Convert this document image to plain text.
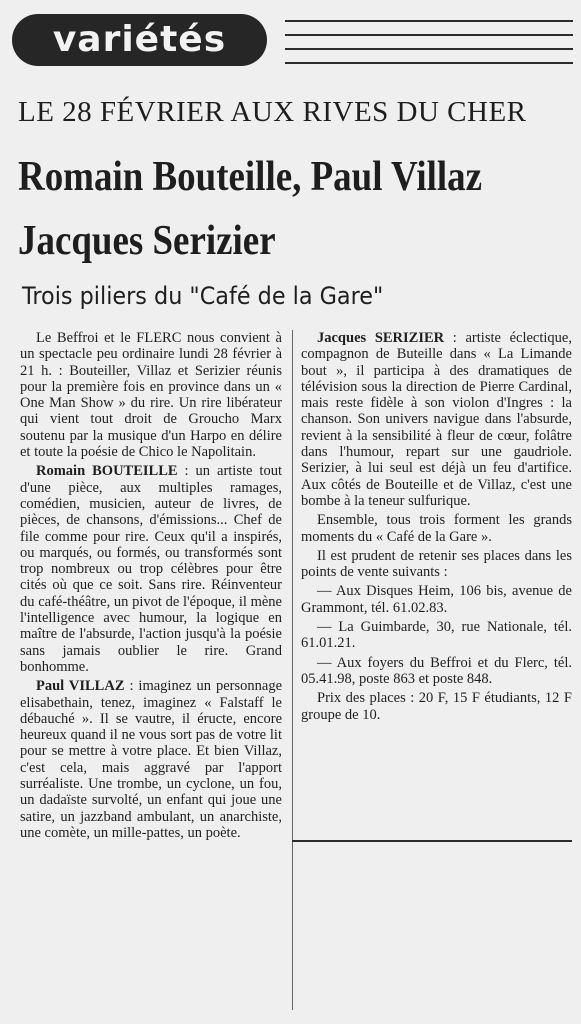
variétés
LE 28 FÉVRIER AUX RIVES DU CHER
Romain Bouteille, Paul Villaz
Jacques Serizier
Trois piliers du "Café de la Gare"

Le Beffroi et le FLERC nous convient à un spectacle peu ordinaire lundi 28 février à 21 h. : Bouteiller, Villaz et Serizier réunis pour la première fois en province dans un « One Man Show » du rire. Un rire libérateur qui vient tout droit de Groucho Marx soutenu par la musique d'un Harpo en délire et toute la poésie de Chico le Napolitain.

Romain BOUTEILLE : un artiste tout d'une pièce, aux multiples ramages, comédien, musicien, auteur de livres, de pièces, de chansons, d'émissions... Chef de file comme pour rire. Ceux qu'il a inspirés, ou marqués, ou formés, ou transformés sont trop nombreux ou trop célèbres pour être cités où que ce soit. Sans rire. Réinventeur du café-théâtre, un pivot de l'époque, il mène l'intelligence avec humour, la logique en maître de l'absurde, l'action jusqu'à la poésie sans jamais oublier le rire. Grand bonhomme.

Paul VILLAZ : imaginez un personnage elisabethain, tenez, imaginez « Falstaff le débauché ». Il se vautre, il éructe, encore heureux quand il ne vous sort pas de votre lit pour se mettre à votre place. Et bien Villaz, c'est cela, mais aggravé par l'apport surréaliste. Une trombe, un cyclone, un fou, un dadaïste survolté, un enfant qui joue une satire, un jazzband ambulant, un anarchiste, une comète, un mille-pattes, un poète.

Jacques SERIZIER : artiste éclectique, compagnon de Buteille dans « La Limande bout », il participa à des dramatiques de télévision sous la direction de Pierre Cardinal, mais reste fidèle à son violon d'Ingres : la chanson. Son univers navigue dans l'absurde, revient à la sensibilité à fleur de cœur, folâtre dans l'humour, repart sur une gaudriole. Serizier, à lui seul est déjà un feu d'artifice. Aux côtés de Bouteille et de Villaz, c'est une bombe à la teneur sulfurique.

Ensemble, tous trois forment les grands moments du « Café de la Gare ».

Il est prudent de retenir ses places dans les points de vente suivants :

— Aux Disques Heim, 106 bis, avenue de Grammont, tél. 61.02.83.

— La Guimbarde, 30, rue Nationale, tél. 61.01.21.

— Aux foyers du Beffroi et du Flerc, tél. 05.41.98, poste 863 et poste 848.

Prix des places : 20 F, 15 F étudiants, 12 F groupe de 10.
